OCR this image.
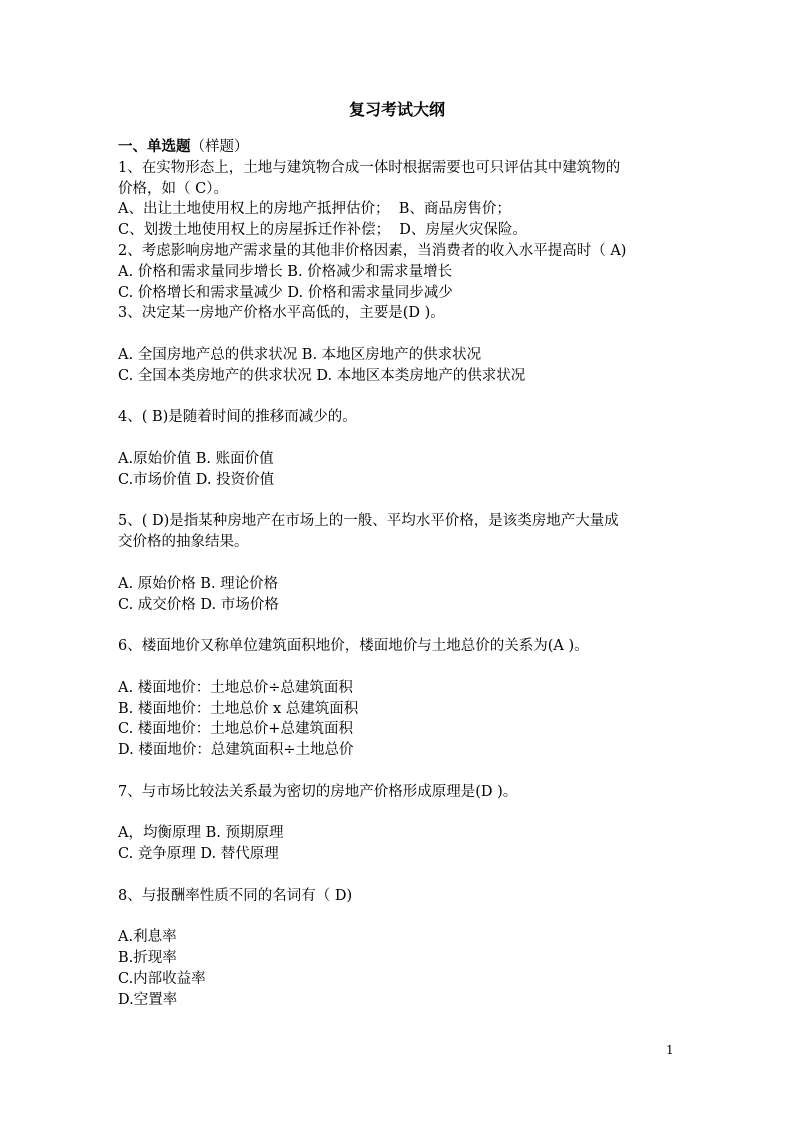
复习考试大纲
一、单选题（样题）
1、在实物形态上，土地与建筑物合成一体时根据需要也可只评估其中建筑物的
价格，如（ C）。
A、出让土地使用权上的房地产抵押估价；  B、商品房售价；
C、划拨土地使用权上的房屋拆迁作补偿；  D、房屋火灾保险。
2、考虑影响房地产需求量的其他非价格因素，当消费者的收入水平提高时（ A)
A. 价格和需求量同步增长 B. 价格减少和需求量增长
C. 价格增长和需求量减少 D. 价格和需求量同步减少
3、决定某一房地产价格水平高低的，主要是(D )。
A. 全国房地产总的供求状况 B. 本地区房地产的供求状况
C. 全国本类房地产的供求状况 D. 本地区本类房地产的供求状况
4、( B)是随着时间的推移而减少的。
A.原始价值 B. 账面价值
C.市场价值 D. 投资价值
5、( D)是指某种房地产在市场上的一般、平均水平价格，是该类房地产大量成
交价格的抽象结果。
A. 原始价格 B. 理论价格
C. 成交价格 D. 市场价格
6、楼面地价又称单位建筑面积地价，楼面地价与土地总价的关系为(A )。
A. 楼面地价：土地总价÷总建筑面积
B. 楼面地价：土地总价 x 总建筑面积
C. 楼面地价：土地总价+总建筑面积
D. 楼面地价：总建筑面积÷土地总价
7、与市场比较法关系最为密切的房地产价格形成原理是(D )。
A，均衡原理 B. 预期原理
C. 竞争原理 D. 替代原理
8、与报酬率性质不同的名词有（ D)
A.利息率
B.折现率
C.内部收益率
D.空置率
1
